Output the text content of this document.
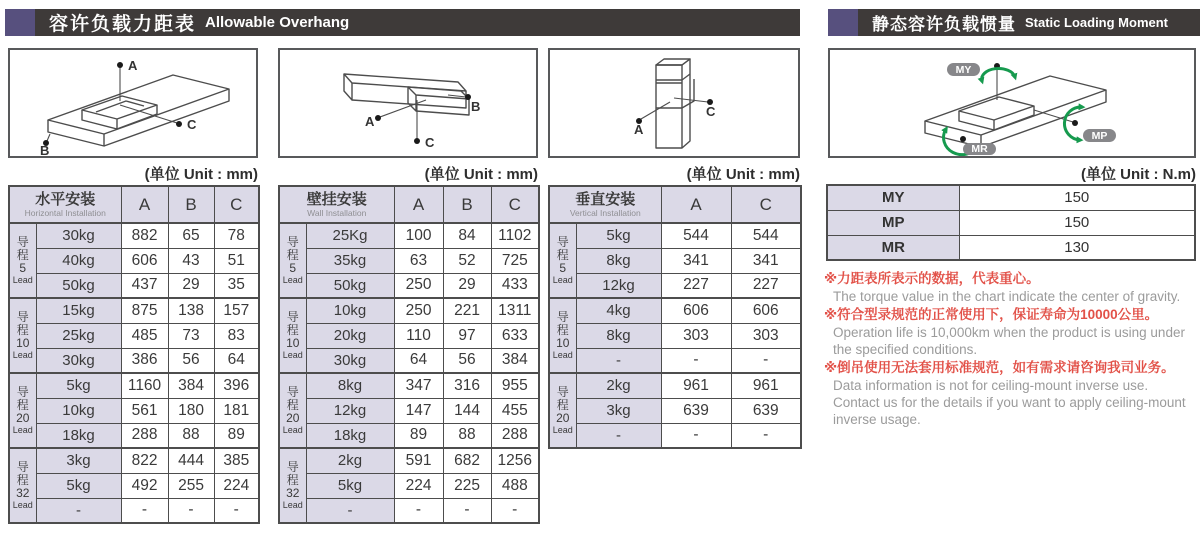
容许负载力距表 Allowable Overhang	静态容许负载惯量 Static Loading Moment
A
C
B
A
C
B
A
C
MY
MP
MR
(单位 Unit : mm)	(单位 Unit : mm)	(单位 Unit : mm)	(单位 Unit : N.m)
水平安装
Horizontal Installation		A	B	C

导
程
5
Lead	30kg	882	65	78
	40kg	606	43	51
	50kg	437	29	35

导
程
10
Lead	15kg	875	138	157
	25kg	485	73	83
	30kg	386	56	64

导
程
20
Lead	5kg	1160	384	396
	10kg	561	180	181
	18kg	288	88	89

导
程
32
Lead	3kg	822	444	385
	5kg	492	255	224
	-	-	-	-
壁挂安装
Wall Installation		A	B	C

导
程
5
Lead	25Kg	100	84	1102
	35kg	63	52	725
	50kg	250	29	433

导
程
10
Lead	10kg	250	221	1311
	20kg	110	97	633
	30kg	64	56	384

导
程
20
Lead	8kg	347	316	955
	12kg	147	144	455
	18kg	89	88	288

导
程
32
Lead	2kg	591	682	1256
	5kg	224	225	488
	-	-	-	-
垂直安装
Vertical Installation		A	C

导
程
5
Lead	5kg	544	544
	8kg	341	341
	12kg	227	227

导
程
10
Lead	4kg	606	606
	8kg	303	303
	-	-	-

导
程
20
Lead	2kg	961	961
	3kg	639	639
	-	-	-
MY	150
MP	150
MR	130
※力距表所表示的数据，代表重心。
The torque value in the chart indicate the center of gravity.
※符合型录规范的正常使用下，保证寿命为10000公里。
Operation life is 10,000km when the product is using under the specified conditions.
※倒吊使用无法套用标准规范，如有需求请咨询我司业务。
Data information is not for ceiling-mount inverse use.
Contact us for the details if you want to apply ceiling-mount inverse usage.
